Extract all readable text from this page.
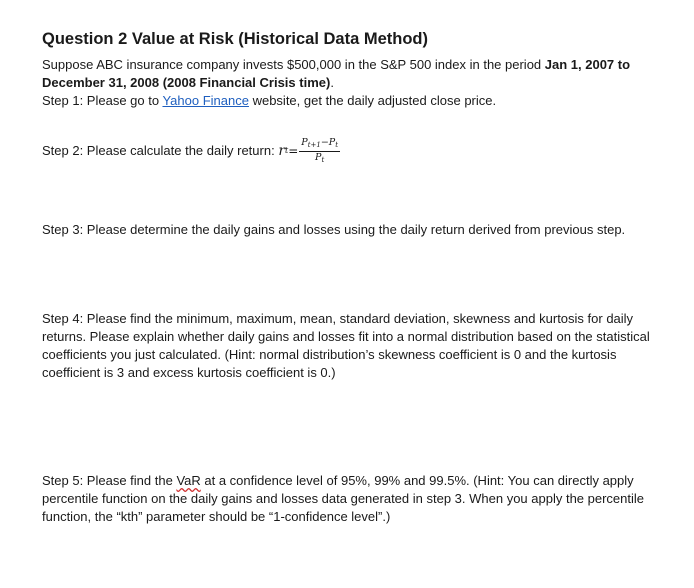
Question 2 Value at Risk (Historical Data Method)

Suppose ABC insurance company invests $500,000 in the S&P 500 index in the period Jan 1, 2007 to December 31, 2008 (2008 Financial Crisis time).

Step 1: Please go to Yahoo Finance website, get the daily adjusted close price.

Step 2: Please calculate the daily return: r $t = \frac{P_{t+1}-P_t}{P_t}$

Step 3: Please determine the daily gains and losses using the daily return derived from previous step.

Step 4: Please find the minimum, maximum, mean, standard deviation, skewness and kurtosis for daily returns. Please explain whether daily gains and losses fit into a normal distribution based on the statistical coefficients you just calculated. (Hint: normal distribution’s skewness coefficient is 0 and the kurtosis coefficient is 3 and excess kurtosis coefficient is 0.)

Step 5: Please find the VaR at a confidence level of 95%, 99% and 99.5%. (Hint: You can directly apply percentile function on the daily gains and losses data generated in step 3. When you apply the percentile function, the “kth” parameter should be “1-confidence level”.)
